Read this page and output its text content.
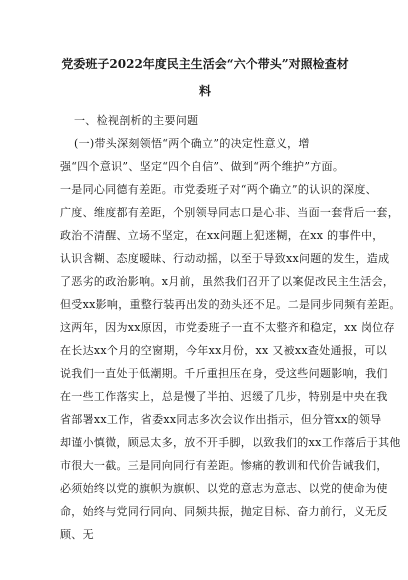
党委班子2022年度民主生活会“六个带头”对照检查材
料
一、检视剖析的主要问题
(一)带头深刻领悟“两个确立”的决定性意义，增
强“四个意识”、坚定“四个自信”、做到“两个维护”方面。
一是同心同德有差距。市党委班子对“两个确立”的认识的深度、
广度、维度都有差距，个别领导同志口是心非、当面一套背后一套，
政治不清醒、立场不坚定，在xx问题上犯迷糊，在xx 的事件中，
认识含糊、态度暧昧、行动动摇，以至于导致xx问题的发生，造成
了恶劣的政治影响。x月前，虽然我们召开了以案促改民主生活会，
但受xx影响，重整行装再出发的劲头还不足。二是同步同频有差距。
这两年，因为xx原因，市党委班子一直不太整齐和稳定，xx 岗位存
在长达xx个月的空窗期，今年xx月份，xx 又被xx查处通报，可以
说我们一直处于低潮期。千斤重担压在身，受这些问题影响，我们
在一些工作落实上，总是慢了半拍、迟缓了几步，特别是中央在我
省部署xx工作，省委xx同志多次会议作出指示，但分管xx的领导
却谨小慎微，顾忌太多，放不开手脚，以致我们的xx工作落后于其他
市很大一截。三是同向同行有差距。惨痛的教训和代价告诫我们，
必须始终以党的旗帜为旗帜、以党的意志为意志、以党的使命为使
命，始终与党同行同向、同频共振，抛定目标、奋力前行，义无反
顾、无
